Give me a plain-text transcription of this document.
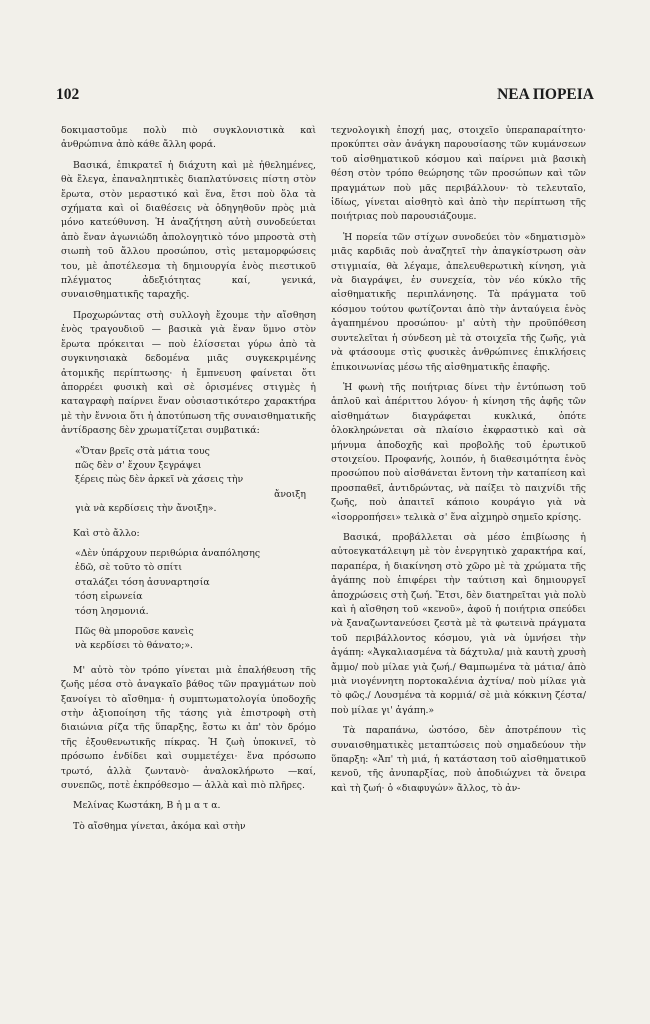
102	ΝΕΑ ΠΟΡΕΙΑ

δοκιμαστοῦμε πολὺ πιὸ συγκλονιστικὰ καὶ ἀνθρώπινα ἀπὸ κάθε ἄλλη φορά.

Βασικά, ἐπικρατεῖ ἡ διάχυτη καὶ μὲ ἠθελημένες, θὰ ἔλεγα, ἐπαναληπτικὲς διαπλατύνσεις πίστη στὸν ἔρωτα, στὸν μεραστικό καὶ ἕνα, ἔτσι ποὺ ὅλα τὰ σχήματα καὶ οἱ διαθέσεις νὰ ὁδηγηθοῦν πρὸς μιὰ μόνο κατεύθυνση. Ἡ ἀναζήτηση αὐτὴ συνοδεύεται ἀπὸ ἕναν ἀγωνιώδη ἀπολογητικὸ τόνο μπροστὰ στὴ σιωπὴ τοῦ ἄλλου προσώπου, στὶς μεταμορφώσεις του, μὲ ἀποτέλεσμα τὴ δημιουργία ἑνὸς πιεστικοῦ πλέγματος ἀδεξιότητας καί, γενικά, συναισθηματικῆς ταραχῆς.

Προχωρώντας στὴ συλλογὴ ἔχουμε τὴν αἴσθηση ἑνὸς τραγουδιοῦ — βασικὰ γιὰ ἕναν ὕμνο στὸν ἔρωτα πρόκειται — ποὺ ἑλίσσεται γύρω ἀπὸ τὰ συγκινησιακὰ δεδομένα μιᾶς συγκεκριμένης ἀτομικῆς περίπτωσης· ἡ ἔμπνευση φαίνεται ὅτι ἀπορρέει φυσικὴ καὶ σὲ ὁρισμένες στιγμὲς ἡ καταγραφὴ παίρνει ἕναν οὐσιαστικότερο χαρακτήρα μὲ τὴν ἔννοια ὅτι ἡ ἀποτύπωση τῆς συναισθηματικῆς ἀντίδρασης δὲν χρωματίζεται συμβατικά:

«Ὅταν βρεῖς στὰ μάτια τους
πῶς δὲν σ' ἔχουν ξεγράψει
ξέρεις πὼς δὲν ἀρκεῖ νὰ χάσεις τὴν
ἄνοιξη
γιὰ νὰ κερδίσεις τὴν ἄνοιξη».

Καὶ στὸ ἄλλο:

«Δὲν ὑπάρχουν περιθώρια ἀναπόλησης
ἐδῶ, σὲ τοῦτο τὸ σπίτι
σταλάζει τόση ἀσυναρτησία
τόση εἰρωνεία
τόση λησμονιά.
Πῶς θὰ μποροῦσε κανεὶς
νὰ κερδίσει τὸ θάνατο;».

Μ' αὐτὸ τὸν τρόπο γίνεται μιὰ ἐπαλήθευση τῆς ζωῆς μέσα στὸ ἀναγκαῖο βάθος τῶν πραγμάτων ποὺ ξανοίγει τὸ αἴσθημα· ἡ συμπτωματολογία ὑποδοχῆς στὴν ἀξιοποίηση τῆς τάσης γιὰ ἐπιστροφὴ στὴ διαιώνια ρίζα τῆς ὕπαρξης, ἔστω κι ἀπ' τὸν δρόμο τῆς ἐξουθενωτικῆς πίκρας. Ἡ ζωὴ ὑποκινεῖ, τὸ πρόσωπο ἐνδίδει καὶ συμμετέχει· ἕνα πρόσωπο τρωτό, ἀλλὰ ζωντανὸ· ἀναλοκλήρωτο —καί, συνεπῶς, ποτὲ ἐκπρόθεσμο — ἀλλὰ καὶ πιὸ πλῆρες.

Μελίνας Κωστάκη, Β ἡ μ α τ α.

Τὸ αἴσθημα γίνεται, ἀκόμα καὶ στὴν

τεχνολογικὴ ἐποχή μας, στοιχεῖο ὑπεραπαραίτητο· προκύπτει σὰν ἀνάγκη παρουσίασης τῶν κυμάνσεων τοῦ αἰσθηματικοῦ κόσμου καὶ παίρνει μιὰ βασικὴ θέση στὸν τρόπο θεώρησης τῶν προσώπων καὶ τῶν πραγμάτων ποὺ μᾶς περιβάλλουν· τὸ τελευταῖο, ἰδίως, γίνεται αἰσθητὸ καὶ ἀπὸ τὴν περίπτωση τῆς ποιήτριας ποὺ παρουσιάζουμε.

Ἡ πορεία τῶν στίχων συνοδεύει τὸν «δηματισμὸ» μιᾶς καρδιᾶς ποὺ ἀναζητεῖ τὴν ἀπαγκίστρωση σὰν στιγμιαία, θὰ λέγαμε, ἀπελευθερωτικὴ κίνηση, γιὰ νὰ διαγράψει, ἐν συνεχεία, τὸν νέο κύκλο τῆς αἰσθηματικῆς περιπλάνησης. Τὰ πράγματα τοῦ κόσμου τούτου φωτίζονται ἀπὸ τὴν ἀνταύγεια ἑνὸς ἀγαπημένου προσώπου· μ' αὐτὴ τὴν προϋπόθεση συντελεῖται ἡ σύνδεση μὲ τὰ στοιχεῖα τῆς ζωῆς, γιὰ νὰ φτάσουμε στὶς φυσικὲς ἀνθρώπινες ἐπικλήσεις ἐπικοινωνίας μέσω τῆς αἰσθηματικῆς ἐπαφῆς.

Ἡ φωνὴ τῆς ποιήτριας δίνει τὴν ἐντύπωση τοῦ ἁπλοῦ καὶ ἀπέριττου λόγου· ἡ κίνηση τῆς ἀφῆς τῶν αἰσθημάτων διαγράφεται κυκλικά, ὁπότε ὁλοκληρώνεται σὰ πλαίσιο ἐκφραστικὸ καὶ σὰ μήνυμα ἀποδοχῆς καὶ προβολῆς τοῦ ἐρωτικοῦ στοιχείου. Προφανής, λοιπόν, ἡ διαθεσιμότητα ἑνὸς προσώπου ποὺ αἰσθάνεται ἔντονη τὴν καταπίεση καὶ προσπαθεῖ, ἀντιδρώντας, νὰ παίξει τὸ παιχνίδι τῆς ζωῆς, ποὺ ἀπαιτεῖ κάποιο κουράγιο γιὰ νὰ «ἰσορροπήσει» τελικὰ σ' ἕνα αἰχμηρὸ σημεῖο κρίσης.

Βασικά, προβάλλεται σὰ μέσο ἐπιβίωσης ἡ αὐτοεγκατάλειψη μὲ τὸν ἐνεργητικὸ χαρακτήρα καί, παραπέρα, ἡ διακίνηση στὸ χῶρο μὲ τὰ χρώματα τῆς ἀγάπης ποὺ ἐπιφέρει τὴν ταύτιση καὶ δημιουργεῖ ἀποχρώσεις στὴ ζωή. Ἔτσι, δὲν διατηρεῖται γιὰ πολὺ καὶ ἡ αἴσθηση τοῦ «κενοῦ», ἀφοῦ ἡ ποιήτρια σπεύδει νὰ ξαναζωντανεύσει ζεστὰ μὲ τὰ φωτεινὰ πράγματα τοῦ περιβάλλοντος κόσμου, γιὰ νὰ ὑμνήσει τὴν ἀγάπη: «Ἀγκαλιασμένα τὰ δάχτυλα/ μιὰ καυτὴ χρυσὴ ἄμμο/ ποὺ μίλαε γιὰ ζωή./ Θαμπωμένα τὰ μάτια/ ἀπὸ μιὰ νιογέννητη πορτοκαλένια ἀχτίνα/ ποὺ μίλαε γιὰ τὸ φῶς./ Λουσμένα τὰ κορμιά/ σὲ μιὰ κόκκινη ζέστα/ ποὺ μίλαε γι' ἀγάπη.»

Τὰ παραπάνω, ὡστόσο, δὲν ἀποτρέπουν τὶς συναισθηματικὲς μεταπτώσεις ποὺ σημαδεύουν τὴν ὕπαρξη: «Ἀπ' τὴ μιά, ἡ κατάσταση τοῦ αἰσθηματικοῦ κενοῦ, τῆς ἀνυπαρξίας, ποὺ ἀποδιώχνει τὰ ὄνειρα καὶ τὴ ζωή· ὁ «διαφυγών» ἄλλος, τὸ ἀν-
